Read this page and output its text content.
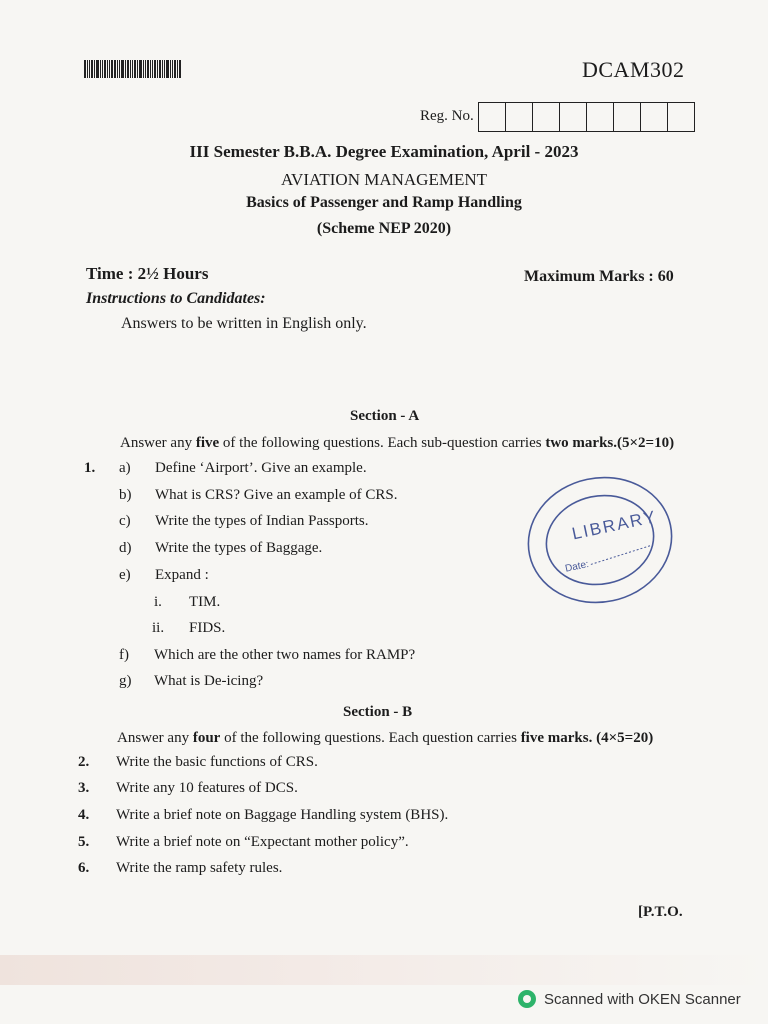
DCAM302
Reg. No.
III Semester B.B.A. Degree Examination, April - 2023
AVIATION MANAGEMENT
Basics of Passenger and Ramp Handling
(Scheme NEP 2020)
Time : 2½ Hours	Maximum Marks : 60
Instructions to Candidates:
Answers to be written in English only.
Section - A
Answer any five of the following questions. Each sub-question carries two marks.(5×2=10)
1. a) Define ‘Airport’. Give an example.
b) What is CRS? Give an example of CRS.
c) Write the types of Indian Passports.
d) Write the types of Baggage.
e) Expand :
i. TIM.
ii. FIDS.
f) Which are the other two names for RAMP?
g) What is De-icing?
LIBRARY
Date:
Section - B
Answer any four of the following questions. Each question carries five marks. (4×5=20)
2. Write the basic functions of CRS.
3. Write any 10 features of DCS.
4. Write a brief note on Baggage Handling system (BHS).
5. Write a brief note on “Expectant mother policy”.
6. Write the ramp safety rules.
[P.T.O.
Scanned with OKEN Scanner
